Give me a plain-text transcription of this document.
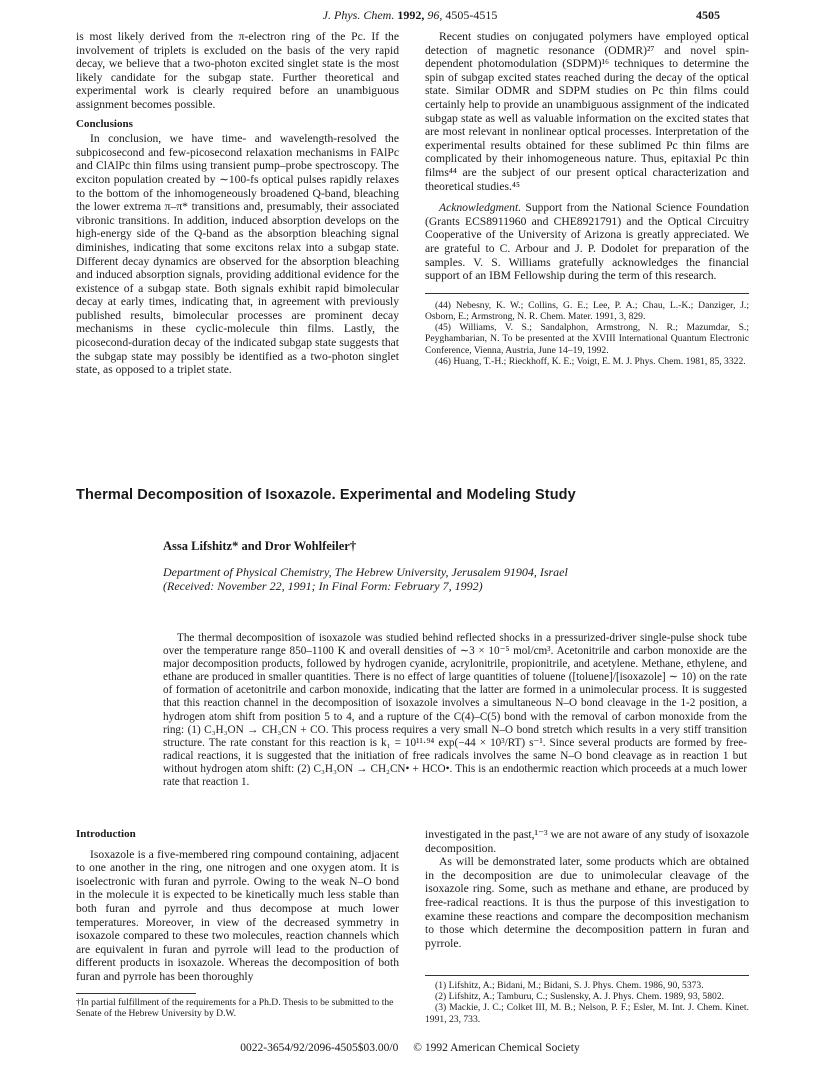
J. Phys. Chem. 1992, 96, 4505-4515	4505

is most likely derived from the π-electron ring of the Pc. If the involvement of triplets is excluded on the basis of the very rapid decay, we believe that a two-photon excited singlet state is the most likely candidate for the subgap state. Further theoretical and experimental work is clearly required before an unambiguous assignment becomes possible.

Conclusions

In conclusion, we have time- and wavelength-resolved the subpicosecond and few-picosecond relaxation mechanisms in FAlPc and ClAlPc thin films using transient pump–probe spectroscopy. The exciton population created by ∼100-fs optical pulses rapidly relaxes to the bottom of the inhomogeneously broadened Q-band, bleaching the lower extrema π–π* transitions and, presumably, their associated vibronic transitions. In addition, induced absorption develops on the high-energy side of the Q-band as the absorption bleaching signal diminishes, indicating that some excitons relax into a subgap state. Different decay dynamics are observed for the absorption bleaching and induced absorption signals, providing additional evidence for the existence of a subgap state. Both signals exhibit rapid bimolecular decay at early times, indicating that, in agreement with previously published results, bimolecular processes are prominent decay mechanisms in these cyclic-molecule thin films. Lastly, the picosecond-duration decay of the indicated subgap state suggests that the subgap state may possibly be identified as a two-photon singlet state, as opposed to a triplet state.

Recent studies on conjugated polymers have employed optical detection of magnetic resonance (ODMR)²⁷ and novel spin-dependent photomodulation (SDPM)¹⁶ techniques to determine the spin of subgap excited states reached during the decay of the optical state. Similar ODMR and SDPM studies on Pc thin films could certainly help to provide an unambiguous assignment of the indicated subgap state as well as valuable information on the excited states that are most relevant in nonlinear optical processes. Interpretation of the experimental results obtained for these sublimed Pc thin films are complicated by their inhomogeneous nature. Thus, epitaxial Pc thin films⁴⁴ are the subject of our present optical characterization and theoretical studies.⁴⁵

Acknowledgment. Support from the National Science Foundation (Grants ECS8911960 and CHE8921791) and the Optical Circuitry Cooperative of the University of Arizona is greatly appreciated. We are grateful to C. Arbour and J. P. Dodolet for preparation of the samples. V. S. Williams gratefully acknowledges the financial support of an IBM Fellowship during the term of this research.

(44) Nebesny, K. W.; Collins, G. E.; Lee, P. A.; Chau, L.-K.; Danziger, J.; Osborn, E.; Armstrong, N. R. Chem. Mater. 1991, 3, 829.

(45) Williams, V. S.; Sandalphon, Armstrong, N. R.; Mazumdar, S.; Peyghambarian, N. To be presented at the XVIII International Quantum Electronic Conference, Vienna, Austria, June 14–19, 1992.

(46) Huang, T.-H.; Rieckhoff, K. E.; Voigt, E. M. J. Phys. Chem. 1981, 85, 3322.

Thermal Decomposition of Isoxazole. Experimental and Modeling Study
Assa Lifshitz* and Dror Wohlfeiler†
Department of Physical Chemistry, The Hebrew University, Jerusalem 91904, Israel
(Received: November 22, 1991; In Final Form: February 7, 1992)

The thermal decomposition of isoxazole was studied behind reflected shocks in a pressurized-driver single-pulse shock tube over the temperature range 850–1100 K and overall densities of ∼3 × 10⁻⁵ mol/cm³. Acetonitrile and carbon monoxide are the major decomposition products, followed by hydrogen cyanide, acrylonitrile, propionitrile, and acetylene. Methane, ethylene, and ethane are produced in smaller quantities. There is no effect of large quantities of toluene ([toluene]/[isoxazole] ∼ 10) on the rate of formation of acetonitrile and carbon monoxide, indicating that the latter are formed in a unimolecular process. It is suggested that this reaction channel in the decomposition of isoxazole involves a simultaneous N–O bond cleavage in the 1-2 position, a hydrogen atom shift from position 5 to 4, and a rupture of the C(4)–C(5) bond with the removal of carbon monoxide from the ring: (1) C₃H₃ON → CH₃CN + CO. This process requires a very small N–O bond stretch which results in a very stiff transition structure. The rate constant for this reaction is k₁ = 10¹¹·⁹⁴ exp(−44 × 10³/RT) s⁻¹. Since several products are formed by free-radical reactions, it is suggested that the initiation of free radicals involves the same N–O bond cleavage as in reaction 1 but without hydrogen atom shift: (2) C₃H₃ON → CH₂CN• + HCO•. This is an endothermic reaction which proceeds at a much lower rate that reaction 1.

Introduction

Isoxazole is a five-membered ring compound containing, adjacent to one another in the ring, one nitrogen and one oxygen atom. It is isoelectronic with furan and pyrrole. Owing to the weak N–O bond in the molecule it is expected to be kinetically much less stable than both furan and pyrrole and thus decompose at much lower temperatures. Moreover, in view of the decreased symmetry in isoxazole compared to these two molecules, reaction channels which are equivalent in furan and pyrrole will lead to the production of different products in isoxazole. Whereas the decomposition of both furan and pyrrole has been thoroughly

†In partial fulfillment of the requirements for a Ph.D. Thesis to be submitted to the Senate of the Hebrew University by D.W.

investigated in the past,¹⁻³ we are not aware of any study of isoxazole decomposition.

As will be demonstrated later, some products which are obtained in the decomposition are due to unimolecular cleavage of the isoxazole ring. Some, such as methane and ethane, are produced by free-radical reactions. It is thus the purpose of this investigation to examine these reactions and compare the decomposition mechanism to those which determine the decomposition pattern in furan and pyrrole.

(1) Lifshitz, A.; Bidani, M.; Bidani, S. J. Phys. Chem. 1986, 90, 5373.

(2) Lifshitz, A.; Tamburu, C.; Suslensky, A. J. Phys. Chem. 1989, 93, 5802.

(3) Mackie, J. C.; Colket III, M. B.; Nelson, P. F.; Esler, M. Int. J. Chem. Kinet. 1991, 23, 733.

0022-3654/92/2096-4505$03.00/0 © 1992 American Chemical Society
